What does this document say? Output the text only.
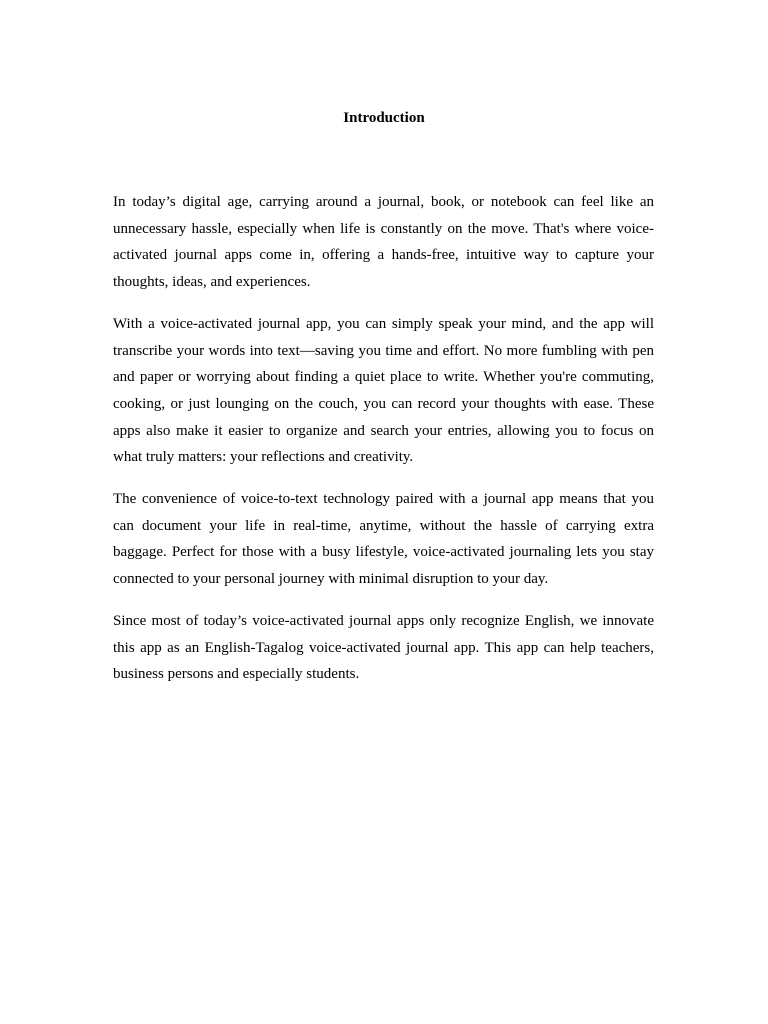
Introduction

In today’s digital age, carrying around a journal, book, or notebook can feel like an unnecessary hassle, especially when life is constantly on the move. That's where voice-activated journal apps come in, offering a hands-free, intuitive way to capture your thoughts, ideas, and experiences.

With a voice-activated journal app, you can simply speak your mind, and the app will transcribe your words into text—saving you time and effort. No more fumbling with pen and paper or worrying about finding a quiet place to write. Whether you're commuting, cooking, or just lounging on the couch, you can record your thoughts with ease. These apps also make it easier to organize and search your entries, allowing you to focus on what truly matters: your reflections and creativity.

The convenience of voice-to-text technology paired with a journal app means that you can document your life in real-time, anytime, without the hassle of carrying extra baggage. Perfect for those with a busy lifestyle, voice-activated journaling lets you stay connected to your personal journey with minimal disruption to your day.

Since most of today’s voice-activated journal apps only recognize English, we innovate this app as an English-Tagalog voice-activated journal app. This app can help teachers, business persons and especially students.
